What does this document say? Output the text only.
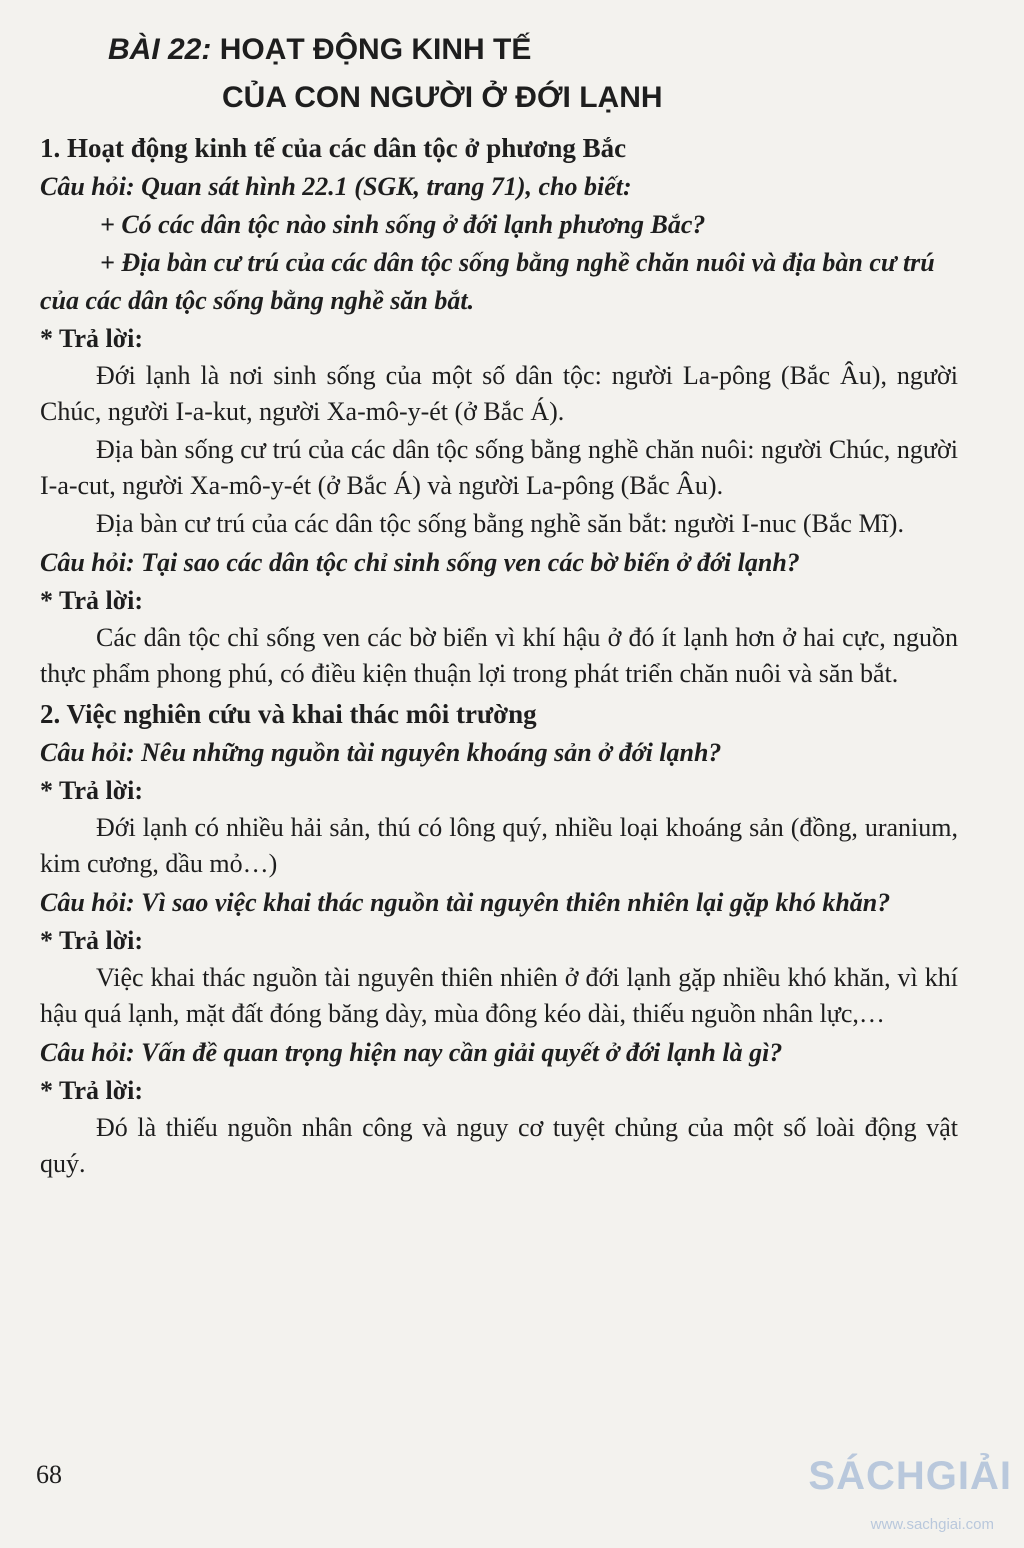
BÀI 22: HOẠT ĐỘNG KINH TẾ
CỦA CON NGƯỜI Ở ĐỚI LẠNH
1. Hoạt động kinh tế của các dân tộc ở phương Bắc
Câu hỏi: Quan sát hình 22.1 (SGK, trang 71), cho biết:
+ Có các dân tộc nào sinh sống ở đới lạnh phương Bắc?
+ Địa bàn cư trú của các dân tộc sống bằng nghề chăn nuôi và địa bàn cư trú của các dân tộc sống bằng nghề săn bắt.
* Trả lời:

Đới lạnh là nơi sinh sống của một số dân tộc: người La-pông (Bắc Âu), người Chúc, người I-a-kut, người Xa-mô-y-ét (ở Bắc Á).

Địa bàn sống cư trú của các dân tộc sống bằng nghề chăn nuôi: người Chúc, người I-a-cut, người Xa-mô-y-ét (ở Bắc Á) và người La-pông (Bắc Âu).

Địa bàn cư trú của các dân tộc sống bằng nghề săn bắt: người I-nuc (Bắc Mĩ).

Câu hỏi: Tại sao các dân tộc chỉ sinh sống ven các bờ biển ở đới lạnh?
* Trả lời:

Các dân tộc chỉ sống ven các bờ biển vì khí hậu ở đó ít lạnh hơn ở hai cực, nguồn thực phẩm phong phú, có điều kiện thuận lợi trong phát triển chăn nuôi và săn bắt.

2. Việc nghiên cứu và khai thác môi trường
Câu hỏi: Nêu những nguồn tài nguyên khoáng sản ở đới lạnh?
* Trả lời:

Đới lạnh có nhiều hải sản, thú có lông quý, nhiều loại khoáng sản (đồng, uranium, kim cương, dầu mỏ…)

Câu hỏi: Vì sao việc khai thác nguồn tài nguyên thiên nhiên lại gặp khó khăn?
* Trả lời:

Việc khai thác nguồn tài nguyên thiên nhiên ở đới lạnh gặp nhiều khó khăn, vì khí hậu quá lạnh, mặt đất đóng băng dày, mùa đông kéo dài, thiếu nguồn nhân lực,…

Câu hỏi: Vấn đề quan trọng hiện nay cần giải quyết ở đới lạnh là gì?
* Trả lời:

Đó là thiếu nguồn nhân công và nguy cơ tuyệt chủng của một số loài động vật quý.

68	SÁCHGIẢI
www.sachgiai.com
